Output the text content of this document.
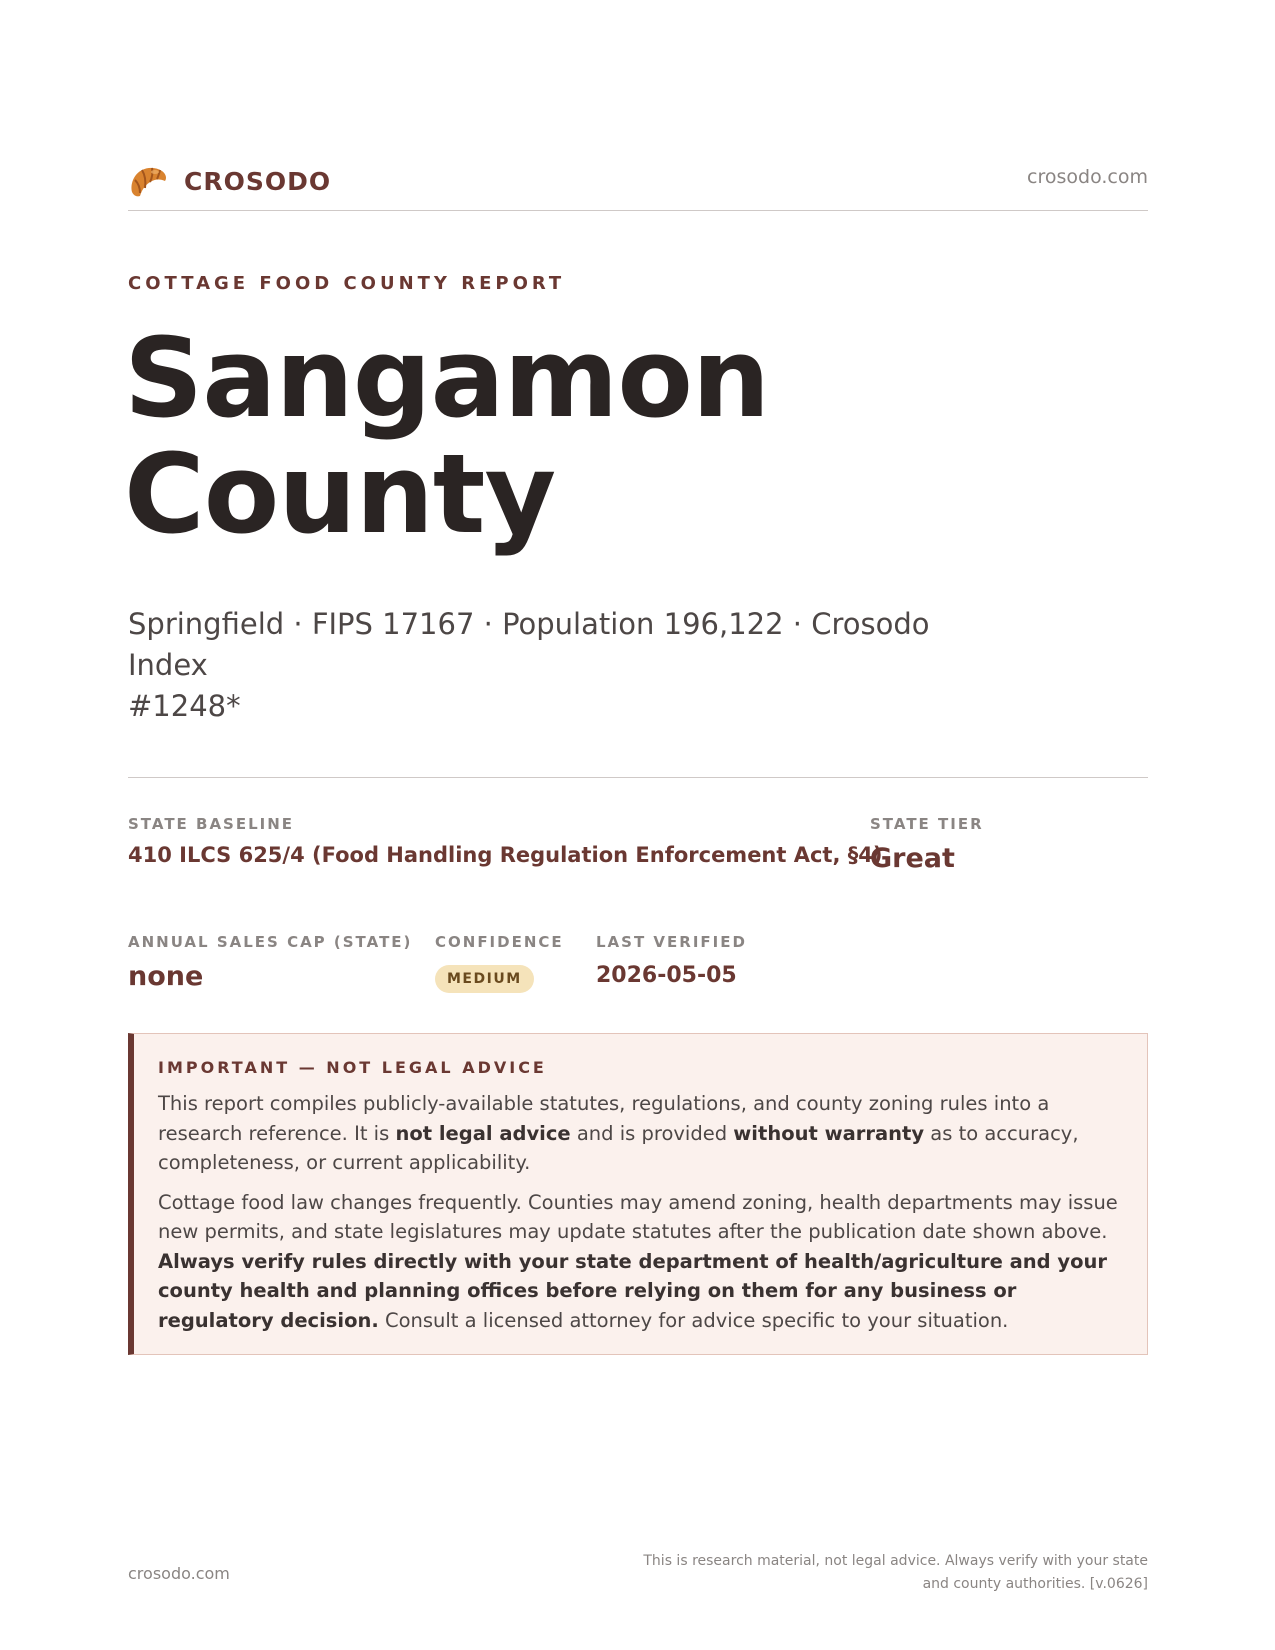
CROSODO	crosodo.com
COTTAGE FOOD COUNTY REPORT
Sangamon
County
Springfield · FIPS 17167 · Population 196,122 · Crosodo Index
#1248*
STATE BASELINE
410 ILCS 625/4 (Food Handling Regulation Enforcement Act, §4)
STATE TIER
Great
ANNUAL SALES CAP (STATE)
none
CONFIDENCE
MEDIUM
LAST VERIFIED
2026-05-05
IMPORTANT — NOT LEGAL ADVICE

This report compiles publicly-available statutes, regulations, and county zoning rules into a research reference. It is not legal advice and is provided without warranty as to accuracy, completeness, or current applicability.

Cottage food law changes frequently. Counties may amend zoning, health departments may issue new permits, and state legislatures may update statutes after the publication date shown above. Always verify rules directly with your state department of health/agriculture and your county health and planning offices before relying on them for any business or regulatory decision. Consult a licensed attorney for advice specific to your situation.

crosodo.com
This is research material, not legal advice. Always verify with your state
and county authorities. [v.0626]
